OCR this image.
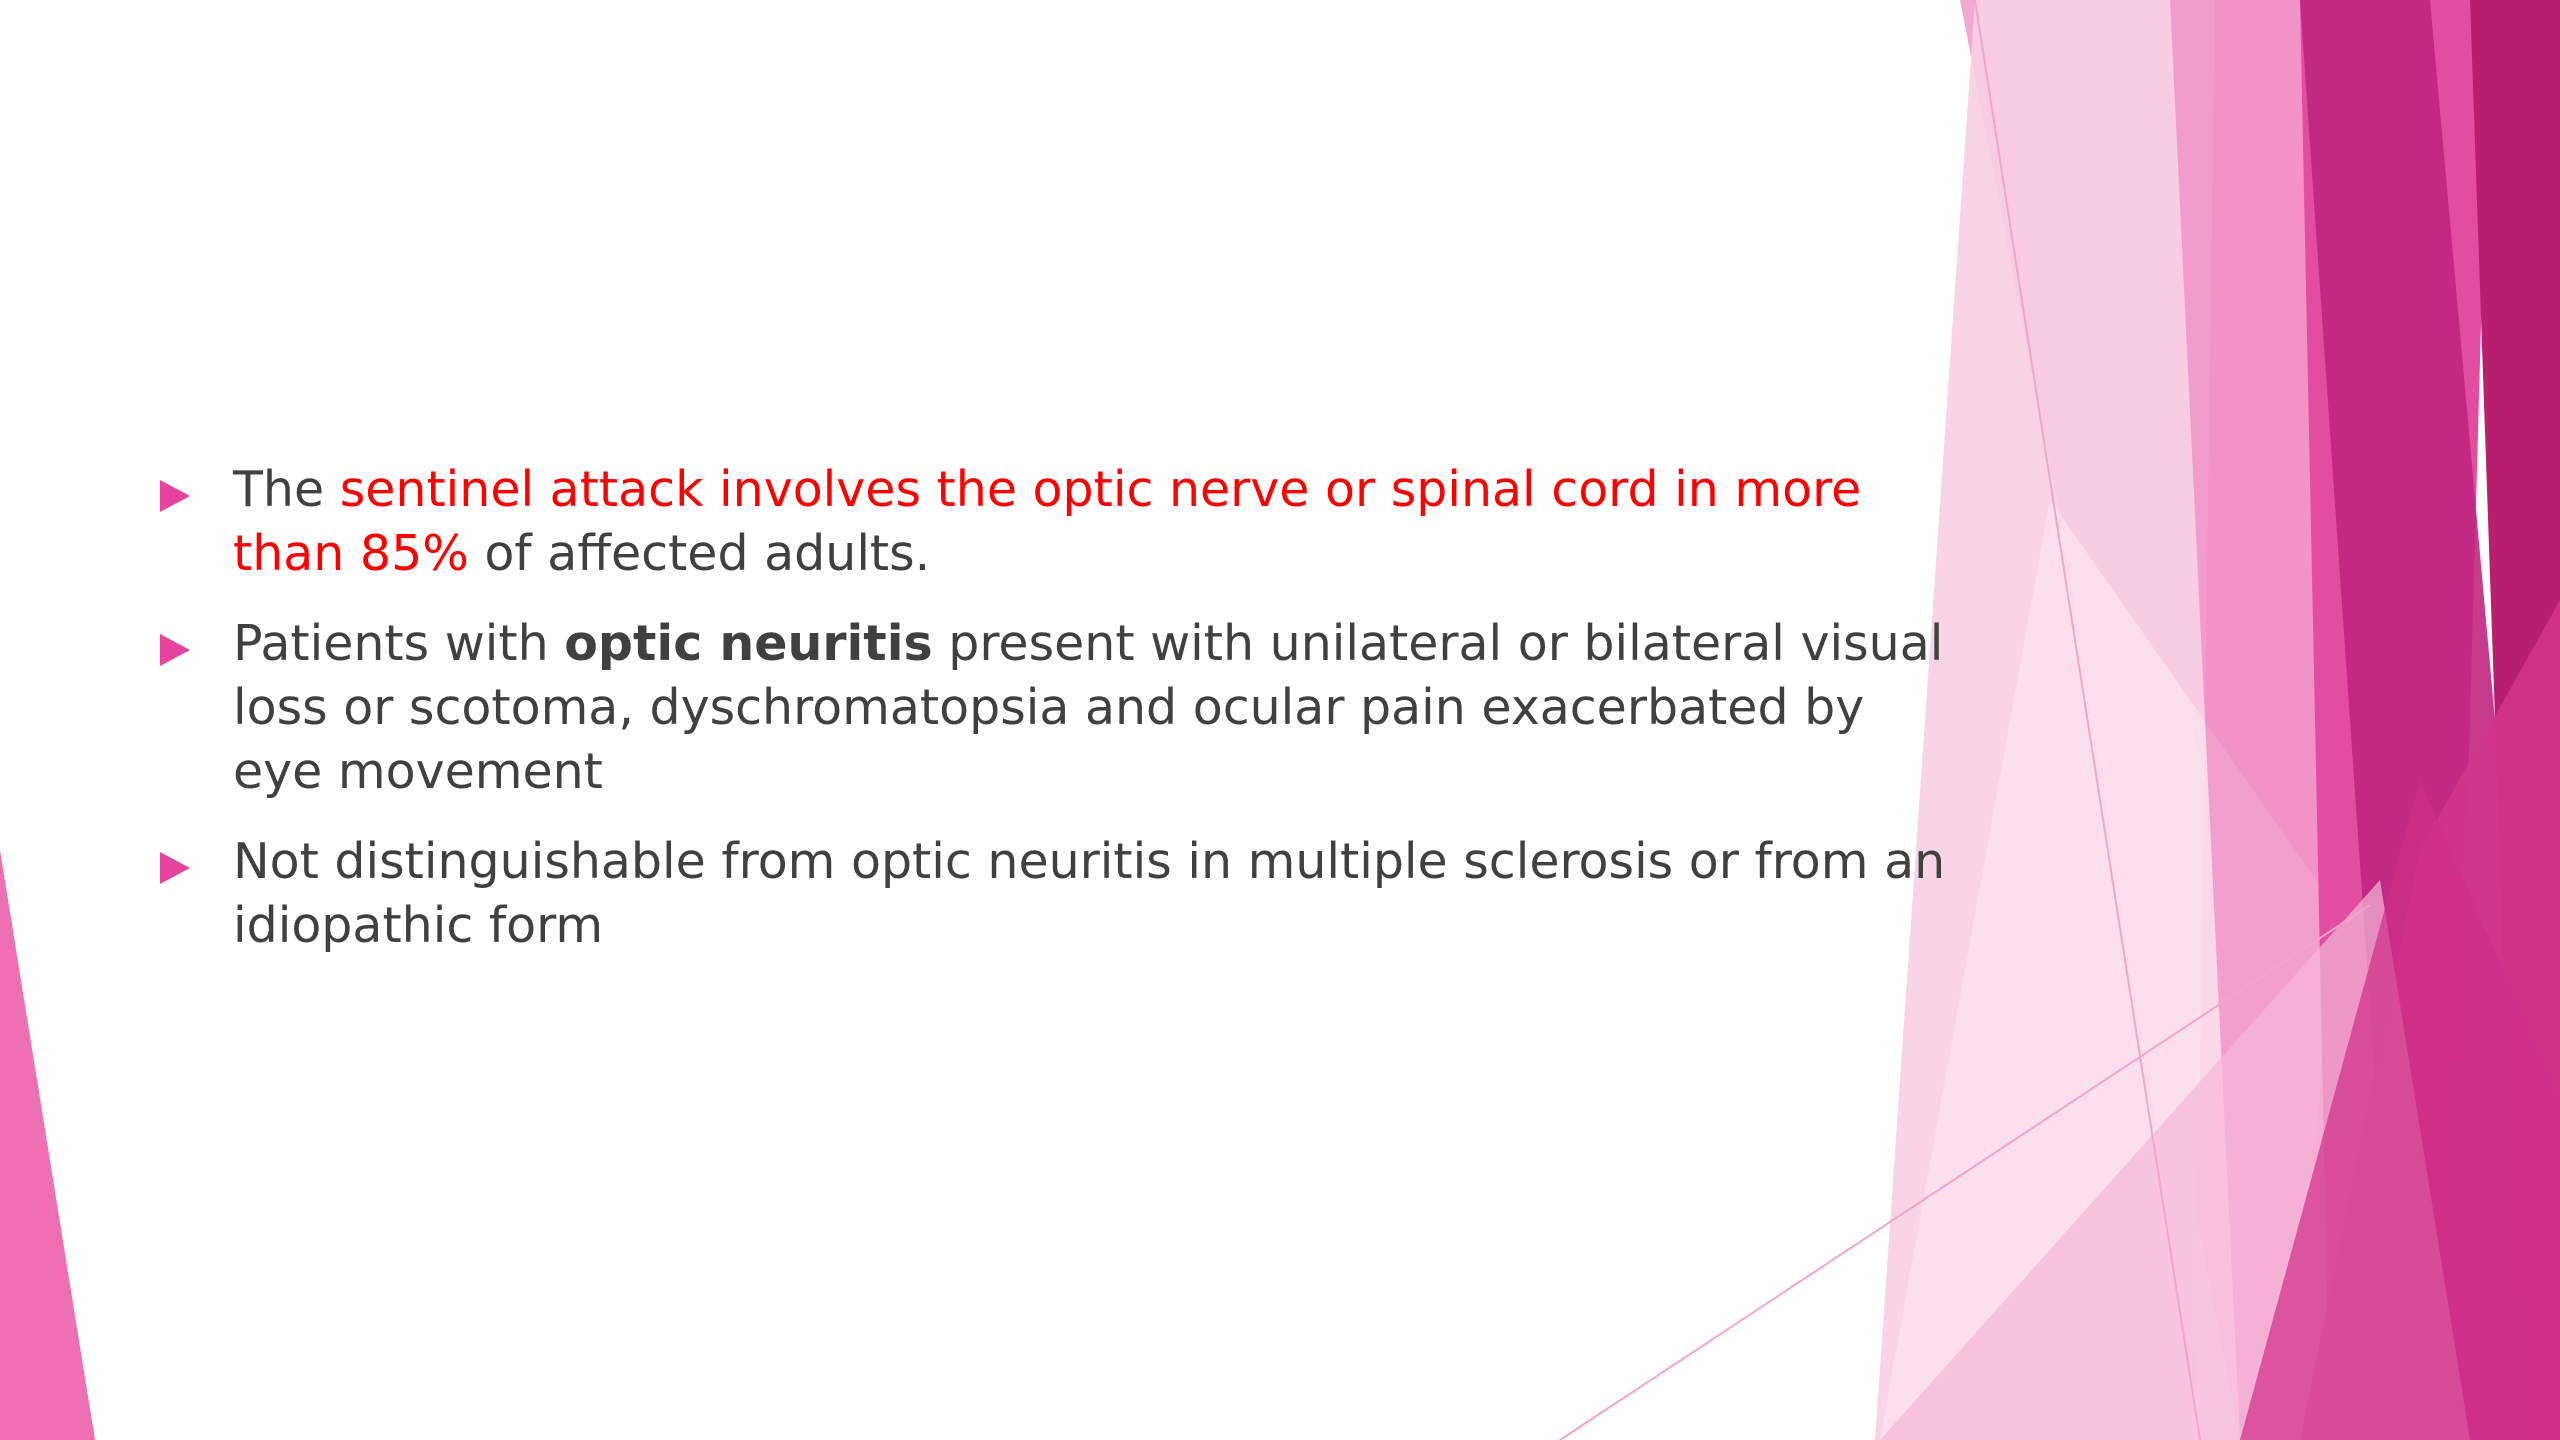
The sentinel attack involves the optic nerve or spinal cord in more than 85% of affected adults.
Patients with optic neuritis present with unilateral or bilateral visual loss or scotoma, dyschromatopsia and ocular pain exacerbated by eye movement
Not distinguishable from optic neuritis in multiple sclerosis or from an idiopathic form
